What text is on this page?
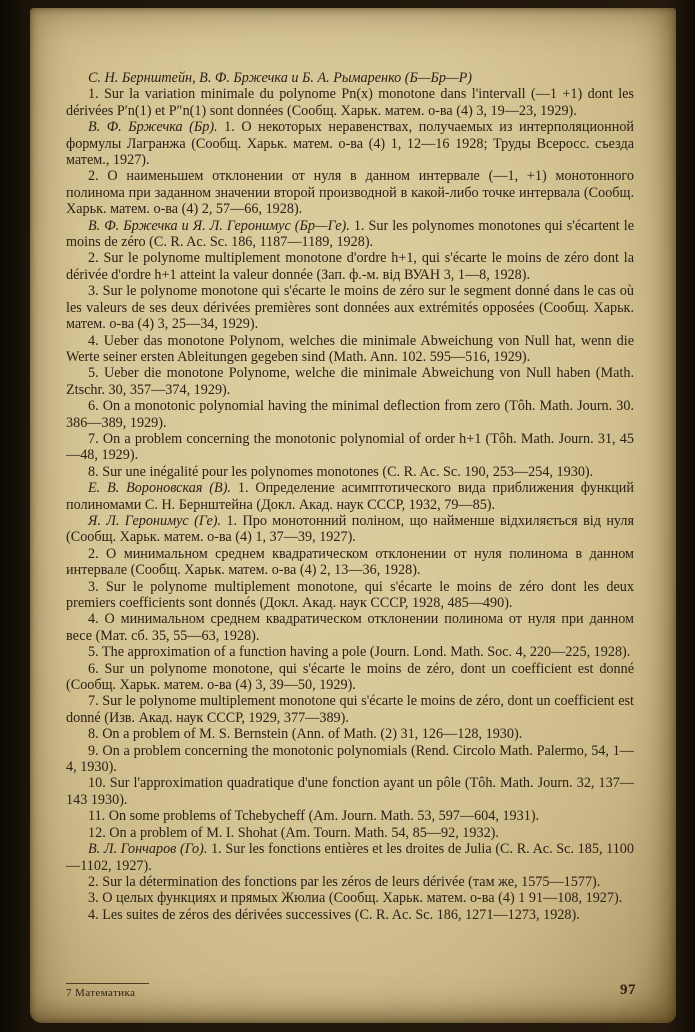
С. Н. Бернштейн, В. Ф. Бржечка и Б. А. Рымаренко (Б—Бр—Р)

1. Sur la variation minimale du polynome Pn(x) monotone dans l'intervall (—1 +1) dont les dérivées P′n(1) et P″n(1) sont données (Сообщ. Харьк. матем. о-ва (4) 3, 19—23, 1929).

В. Ф. Бржечка (Бр). 1. О некоторых неравенствах, получаемых из интерполяционной формулы Лагранжа (Сообщ. Харьк. матем. о-ва (4) 1, 12—16 1928; Труды Всеросс. съезда матем., 1927).

2. О наименьшем отклонении от нуля в данном интервале (—1, +1) монотонного полинома при заданном значении второй производной в какой-либо точке интервала (Сообщ. Харьк. матем. о-ва (4) 2, 57—66, 1928).

В. Ф. Бржечка и Я. Л. Геронимус (Бр—Ге). 1. Sur les polynomes monotones qui s'écartent le moins de zéro (C. R. Ac. Sc. 186, 1187—1189, 1928).

2. Sur le polynome multiplement monotone d'ordre h+1, qui s'écarte le moins de zéro dont la dérivée d'ordre h+1 atteint la valeur donnée (Зап. ф.-м. від ВУАН 3, 1—8, 1928).

3. Sur le polynome monotone qui s'écarte le moins de zéro sur le segment donné dans le cas où les valeurs de ses deux dérivées premières sont données aux extrémités opposées (Сообщ. Харьк. матем. о-ва (4) 3, 25—34, 1929).

4. Ueber das monotone Polynom, welches die minimale Abweichung von Null hat, wenn die Werte seiner ersten Ableitungen gegeben sind (Math. Ann. 102. 595—516, 1929).

5. Ueber die monotone Polynome, welche die minimale Abweichung von Null haben (Math. Ztschr. 30, 357—374, 1929).

6. On a monotonic polynomial having the minimal deflection from zero (Tôh. Math. Journ. 30. 386—389, 1929).

7. On a problem concerning the monotonic polynomial of order h+1 (Tôh. Math. Journ. 31, 45—48, 1929).

8. Sur une inégalité pour les polynomes monotones (C. R. Ac. Sc. 190, 253—254, 1930).

Е. В. Вороновская (В). 1. Определение асимптотического вида приближения функций полиномами С. Н. Бернштейна (Докл. Акад. наук СССР, 1932, 79—85).

Я. Л. Геронимус (Ге). 1. Про монотонний поліном, що найменше відхиляється від нуля (Сообщ. Харьк. матем. о-ва (4) 1, 37—39, 1927).

2. О минимальном среднем квадратическом отклонении от нуля полинома в данном интервале (Сообщ. Харьк. матем. о-ва (4) 2, 13—36, 1928).

3. Sur le polynome multiplement monotone, qui s'écarte le moins de zéro dont les deux premiers coefficients sont donnés (Докл. Акад. наук СССР, 1928, 485—490).

4. О минимальном среднем квадратическом отклонении полинома от нуля при данном весе (Мат. сб. 35, 55—63, 1928).

5. The approximation of a function having a pole (Journ. Lond. Math. Soc. 4, 220—225, 1928).

6. Sur un polynome monotone, qui s'écarte le moins de zéro, dont un coefficient est donné (Сообщ. Харьк. матем. о-ва (4) 3, 39—50, 1929).

7. Sur le polynome multiplement monotone qui s'écarte le moins de zéro, dont un coefficient est donné (Изв. Акад. наук СССР, 1929, 377—389).

8. On a problem of M. S. Bernstein (Ann. of Math. (2) 31, 126—128, 1930).

9. On a problem concerning the monotonic polynomials (Rend. Circolo Math. Palermo, 54, 1—4, 1930).

10. Sur l'approximation quadratique d'une fonction ayant un pôle (Tôh. Math. Journ. 32, 137—143 1930).

11. On some problems of Tchebycheff (Am. Journ. Math. 53, 597—604, 1931).

12. On a problem of M. I. Shohat (Am. Tourn. Math. 54, 85—92, 1932).

В. Л. Гончаров (Го). 1. Sur les fonctions entières et les droites de Julia (C. R. Ac. Sc. 185, 1100—1102, 1927).

2. Sur la détermination des fonctions par les zéros de leurs dérivée (там же, 1575—1577).

3. О целых функциях и прямых Жюлиа (Сообщ. Харьк. матем. о-ва (4) 1 91—108, 1927).

4. Les suites de zéros des dérivées successives (C. R. Ac. Sc. 186, 1271—1273, 1928).

7 Математика	97
